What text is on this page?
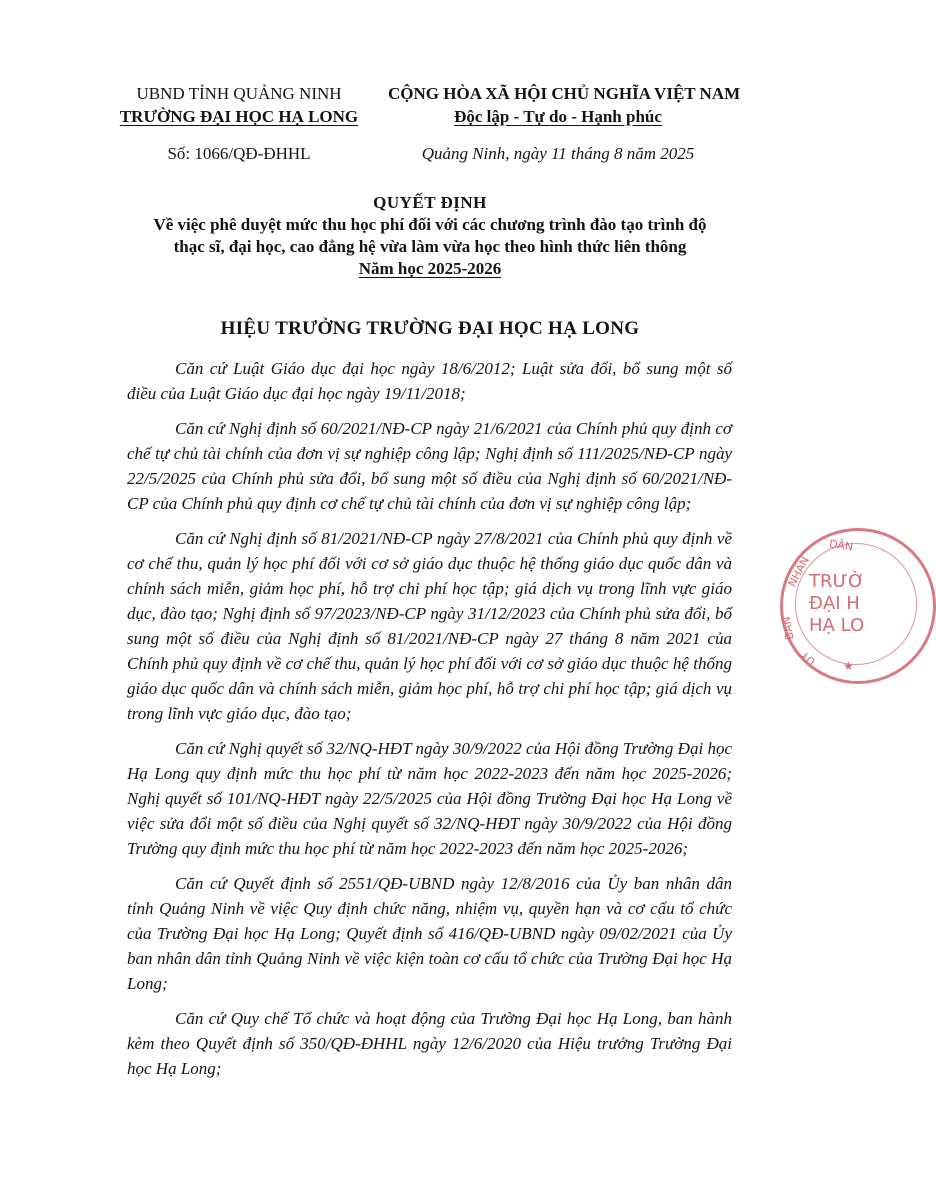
UBND TỈNH QUẢNG NINH
TRƯỜNG ĐẠI HỌC HẠ LONG
Số: 1066/QĐ-ĐHHL
CỘNG HÒA XÃ HỘI CHỦ NGHĨA VIỆT NAM
Độc lập - Tự do - Hạnh phúc
Quảng Ninh, ngày 11 tháng 8 năm 2025
QUYẾT ĐỊNH
Về việc phê duyệt mức thu học phí đối với các chương trình đào tạo trình độ
thạc sĩ, đại học, cao đẳng hệ vừa làm vừa học theo hình thức liên thông
Năm học 2025-2026
HIỆU TRƯỞNG TRƯỜNG ĐẠI HỌC HẠ LONG

Căn cứ Luật Giáo dục đại học ngày 18/6/2012; Luật sửa đổi, bổ sung một số điều của Luật Giáo dục đại học ngày 19/11/2018;

Căn cứ Nghị định số 60/2021/NĐ-CP ngày 21/6/2021 của Chính phủ quy định cơ chế tự chủ tài chính của đơn vị sự nghiệp công lập; Nghị định số 111/2025/NĐ-CP ngày 22/5/2025 của Chính phủ sửa đổi, bổ sung một số điều của Nghị định số 60/2021/NĐ-CP của Chính phủ quy định cơ chế tự chủ tài chính của đơn vị sự nghiệp công lập;

Căn cứ Nghị định số 81/2021/NĐ-CP ngày 27/8/2021 của Chính phủ quy định về cơ chế thu, quản lý học phí đối với cơ sở giáo dục thuộc hệ thống giáo dục quốc dân và chính sách miễn, giảm học phí, hỗ trợ chi phí học tập; giá dịch vụ trong lĩnh vực giáo dục, đào tạo; Nghị định số 97/2023/NĐ-CP ngày 31/12/2023 của Chính phủ sửa đổi, bổ sung một số điều của Nghị định số 81/2021/NĐ-CP ngày 27 tháng 8 năm 2021 của Chính phủ quy định về cơ chế thu, quản lý học phí đối với cơ sở giáo dục thuộc hệ thống giáo dục quốc dân và chính sách miễn, giảm học phí, hỗ trợ chi phí học tập; giá dịch vụ trong lĩnh vực giáo dục, đào tạo;

Căn cứ Nghị quyết số 32/NQ-HĐT ngày 30/9/2022 của Hội đồng Trường Đại học Hạ Long quy định mức thu học phí từ năm học 2022-2023 đến năm học 2025-2026; Nghị quyết số 101/NQ-HĐT ngày 22/5/2025 của Hội đồng Trường Đại học Hạ Long về việc sửa đổi một số điều của Nghị quyết số 32/NQ-HĐT ngày 30/9/2022 của Hội đồng Trường quy định mức thu học phí từ năm học 2022-2023 đến năm học 2025-2026;

Căn cứ Quyết định số 2551/QĐ-UBND ngày 12/8/2016 của Ủy ban nhân dân tỉnh Quảng Ninh về việc Quy định chức năng, nhiệm vụ, quyền hạn và cơ cấu tổ chức của Trường Đại học Hạ Long; Quyết định số 416/QĐ-UBND ngày 09/02/2021 của Ủy ban nhân dân tỉnh Quảng Ninh về việc kiện toàn cơ cấu tổ chức của Trường Đại học Hạ Long;

Căn cứ Quy chế Tổ chức và hoạt động của Trường Đại học Hạ Long, ban hành kèm theo Quyết định số 350/QĐ-ĐHHL ngày 12/6/2020 của Hiệu trưởng Trường Đại học Hạ Long;

TRƯỜ
ĐẠI H
HẠ LO
DÂN
NHÂN
BAN
UY ★
